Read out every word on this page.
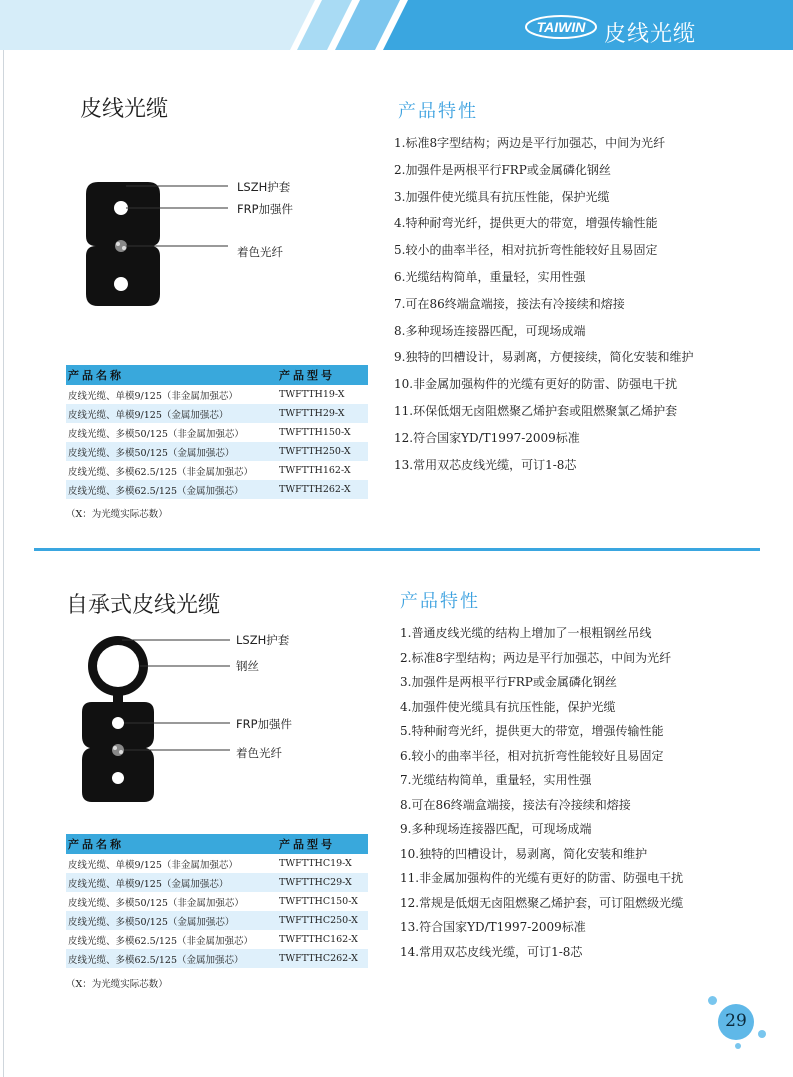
TAIWIN 皮线光缆
皮线光缆	产品特性
LSZH护套
FRP加强件
着色光纤
1.标准8字型结构；两边是平行加强芯，中间为光纤
2.加强件是两根平行FRP或金属磷化钢丝
3.加强件使光缆具有抗压性能，保护光缆
4.特种耐弯光纤，提供更大的带宽，增强传输性能
5.较小的曲率半径，相对抗折弯性能较好且易固定
6.光缆结构简单，重量轻，实用性强
7.可在86终端盒端接，接法有冷接续和熔接
8.多种现场连接器匹配，可现场成端
9.独特的凹槽设计，易剥离，方便接续，简化安装和维护
10.非金属加强构件的光缆有更好的防雷、防强电干扰
11.环保低烟无卤阻燃聚乙烯护套或阻燃聚氯乙烯护套
12.符合国家YD/T1997-2009标准
13.常用双芯皮线光缆，可订1-8芯
产品名称	产品型号
皮线光缆、单模9/125（非金属加强芯）	TWFTTH19-X
皮线光缆、单模9/125（金属加强芯）	TWFTTH29-X
皮线光缆、多模50/125（非金属加强芯）	TWFTTH150-X
皮线光缆、多模50/125（金属加强芯）	TWFTTH250-X
皮线光缆、多模62.5/125（非金属加强芯）	TWFTTH162-X
皮线光缆、多模62.5/125（金属加强芯）	TWFTTH262-X
（X：为光缆实际芯数）
自承式皮线光缆	产品特性
LSZH护套
钢丝
FRP加强件
着色光纤
1.普通皮线光缆的结构上增加了一根粗钢丝吊线
2.标准8字型结构；两边是平行加强芯，中间为光纤
3.加强件是两根平行FRP或金属磷化钢丝
4.加强件使光缆具有抗压性能，保护光缆
5.特种耐弯光纤，提供更大的带宽，增强传输性能
6.较小的曲率半径，相对抗折弯性能较好且易固定
7.光缆结构简单，重量轻，实用性强
8.可在86终端盒端接，接法有冷接续和熔接
9.多种现场连接器匹配，可现场成端
10.独特的凹槽设计，易剥离，简化安装和维护
11.非金属加强构件的光缆有更好的防雷、防强电干扰
12.常规是低烟无卤阻燃聚乙烯护套，可订阻燃级光缆
13.符合国家YD/T1997-2009标准
14.常用双芯皮线光缆，可订1-8芯
产品名称	产品型号
皮线光缆、单模9/125（非金属加强芯）	TWFTTHC19-X
皮线光缆、单模9/125（金属加强芯）	TWFTTHC29-X
皮线光缆、多模50/125（非金属加强芯）	TWFTTHC150-X
皮线光缆、多模50/125（金属加强芯）	TWFTTHC250-X
皮线光缆、多模62.5/125（非金属加强芯）	TWFTTHC162-X
皮线光缆、多模62.5/125（金属加强芯）	TWFTTHC262-X
（X：为光缆实际芯数）
29
